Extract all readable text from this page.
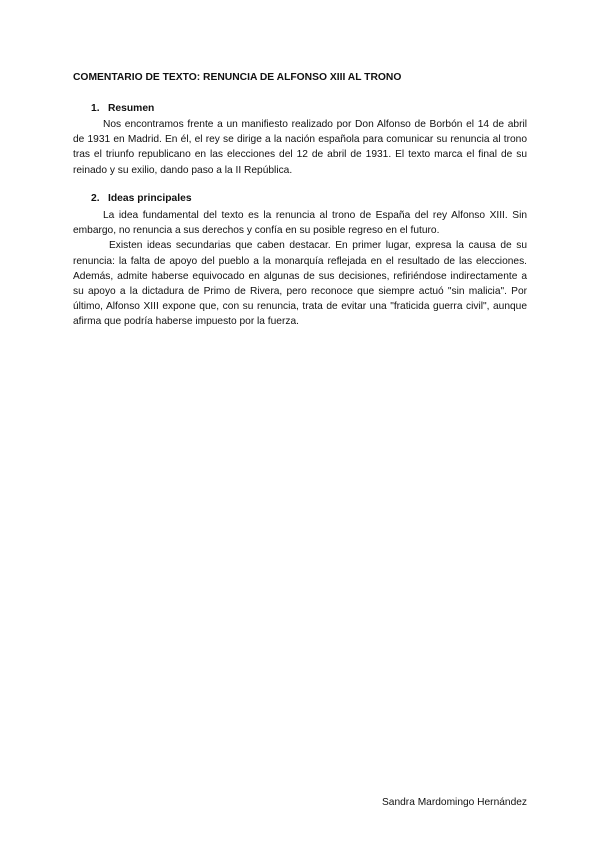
COMENTARIO DE TEXTO: RENUNCIA DE ALFONSO XIII AL TRONO
1. Resumen

Nos encontramos frente a un manifiesto realizado por Don Alfonso de Borbón el 14 de abril de 1931 en Madrid. En él, el rey se dirige a la nación española para comunicar su renuncia al trono tras el triunfo republicano en las elecciones del 12 de abril de 1931. El texto marca el final de su reinado y su exilio, dando paso a la II República.

2. Ideas principales

La idea fundamental del texto es la renuncia al trono de España del rey Alfonso XIII. Sin embargo, no renuncia a sus derechos y confía en su posible regreso en el futuro.

Existen ideas secundarias que caben destacar. En primer lugar, expresa la causa de su renuncia: la falta de apoyo del pueblo a la monarquía reflejada en el resultado de las elecciones. Además, admite haberse equivocado en algunas de sus decisiones, refiriéndose indirectamente a su apoyo a la dictadura de Primo de Rivera, pero reconoce que siempre actuó "sin malicia". Por último, Alfonso XIII expone que, con su renuncia, trata de evitar una "fraticida guerra civil", aunque afirma que podría haberse impuesto por la fuerza.

Sandra Mardomingo Hernández
